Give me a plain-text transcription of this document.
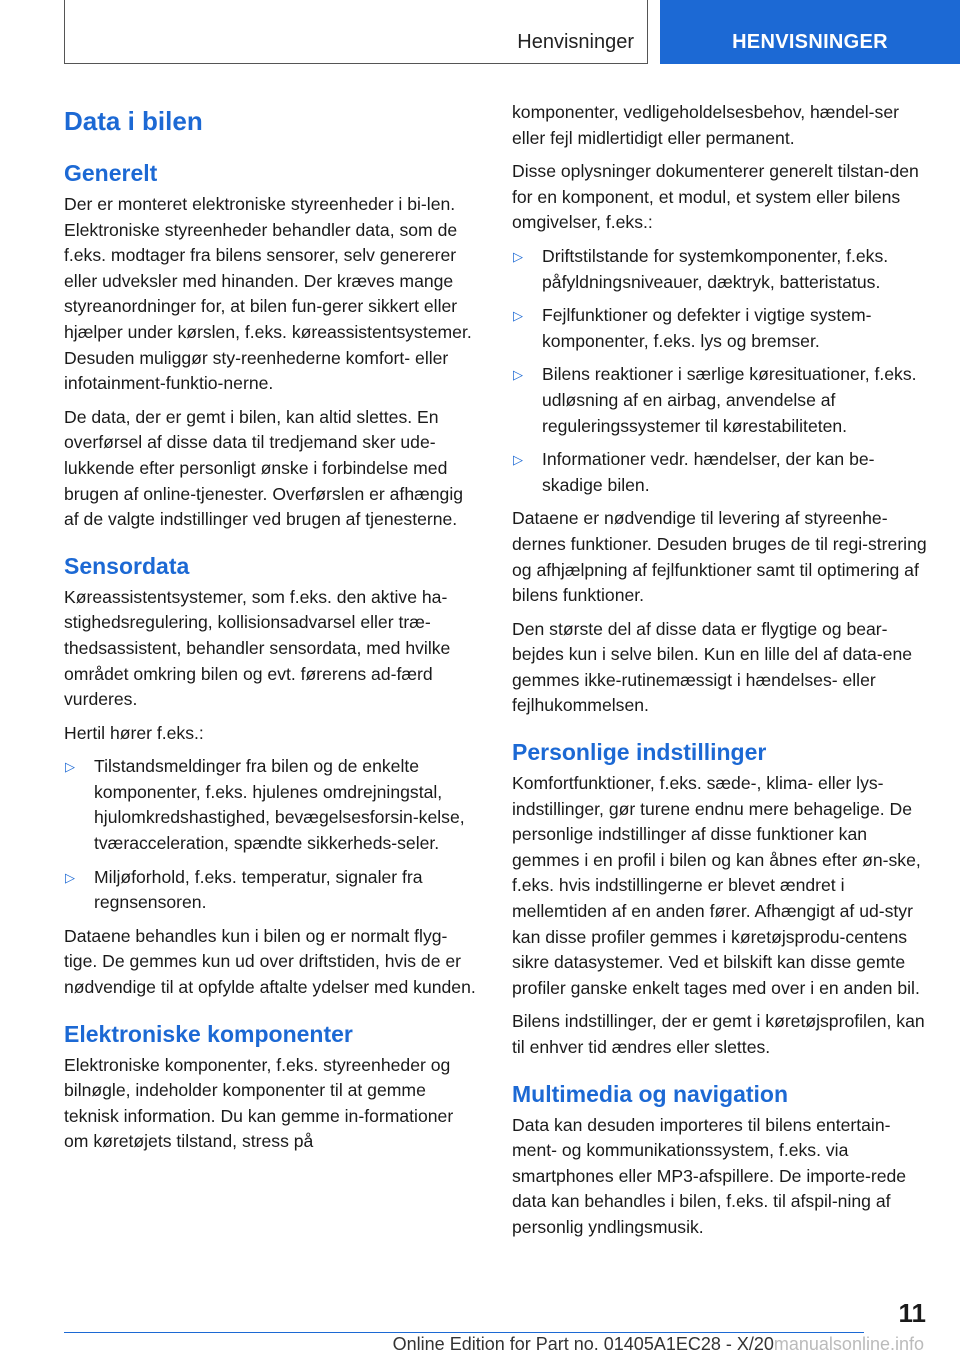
Henvisninger	HENVISNINGER
Data i bilen
Generelt

Der er monteret elektroniske styreenheder i bi-len. Elektroniske styreenheder behandler data, som de f.eks. modtager fra bilens sensorer, selv genererer eller udveksler med hinanden. Der kræves mange styreanordninger for, at bilen fun-gerer sikkert eller hjælper under kørslen, f.eks. køreassistentsystemer. Desuden muliggør sty-reenhederne komfort- eller infotainment-funktio-nerne.

De data, der er gemt i bilen, kan altid slettes. En overførsel af disse data til tredjemand sker ude-lukkende efter personligt ønske i forbindelse med brugen af online-tjenester. Overførslen er afhængig af de valgte indstillinger ved brugen af tjenesterne.

Sensordata

Køreassistentsystemer, som f.eks. den aktive ha-stighedsregulering, kollisionsadvarsel eller træ-thedsassistent, behandler sensordata, med hvilke området omkring bilen og evt. førerens ad-færd vurderes.

Hertil hører f.eks.:

▷ Tilstandsmeldinger fra bilen og de enkelte komponenter, f.eks. hjulenes omdrejningstal, hjulomkredshastighed, bevægelsesforsin-kelse, tværacceleration, spændte sikkerheds-seler.
▷ Miljøforhold, f.eks. temperatur, signaler fra regnsensoren.

Dataene behandles kun i bilen og er normalt flyg-tige. De gemmes kun ud over driftstiden, hvis de er nødvendige til at opfylde aftalte ydelser med kunden.

Elektroniske komponenter

Elektroniske komponenter, f.eks. styreenheder og bilnøgle, indeholder komponenter til at gemme teknisk information. Du kan gemme in-formationer om køretøjets tilstand, stress på

komponenter, vedligeholdelsesbehov, hændel-ser eller fejl midlertidigt eller permanent.

Disse oplysninger dokumenterer generelt tilstan-den for en komponent, et modul, et system eller bilens omgivelser, f.eks.:

▷ Driftstilstande for systemkomponenter, f.eks. påfyldningsniveauer, dæktryk, batteristatus.
▷ Fejlfunktioner og defekter i vigtige system-komponenter, f.eks. lys og bremser.
▷ Bilens reaktioner i særlige køresituationer, f.eks. udløsning af en airbag, anvendelse af reguleringssystemer til kørestabiliteten.
▷ Informationer vedr. hændelser, der kan be-skadige bilen.

Dataene er nødvendige til levering af styreenhe-dernes funktioner. Desuden bruges de til regi-strering og afhjælpning af fejlfunktioner samt til optimering af bilens funktioner.

Den største del af disse data er flygtige og bear-bejdes kun i selve bilen. Kun en lille del af data-ene gemmes ikke-rutinemæssigt i hændelses- eller fejlhukommelsen.

Personlige indstillinger

Komfortfunktioner, f.eks. sæde-, klima- eller lys-indstillinger, gør turene endnu mere behagelige. De personlige indstillinger af disse funktioner kan gemmes i en profil i bilen og kan åbnes efter øn-ske, f.eks. hvis indstillingerne er blevet ændret i mellemtiden af en anden fører. Afhængigt af ud-styr kan disse profiler gemmes i køretøjsprodu-centens sikre datasystemer. Ved et bilskift kan disse gemte profiler ganske enkelt tages med over i en anden bil.

Bilens indstillinger, der er gemt i køretøjsprofilen, kan til enhver tid ændres eller slettes.

Multimedia og navigation

Data kan desuden importeres til bilens entertain-ment- og kommunikationssystem, f.eks. via smartphones eller MP3-afspillere. De importe-rede data kan behandles i bilen, f.eks. til afspil-ning af personlig yndlingsmusik.

11
Online Edition for Part no. 01405A1EC28 - X/20manualsonline.info
